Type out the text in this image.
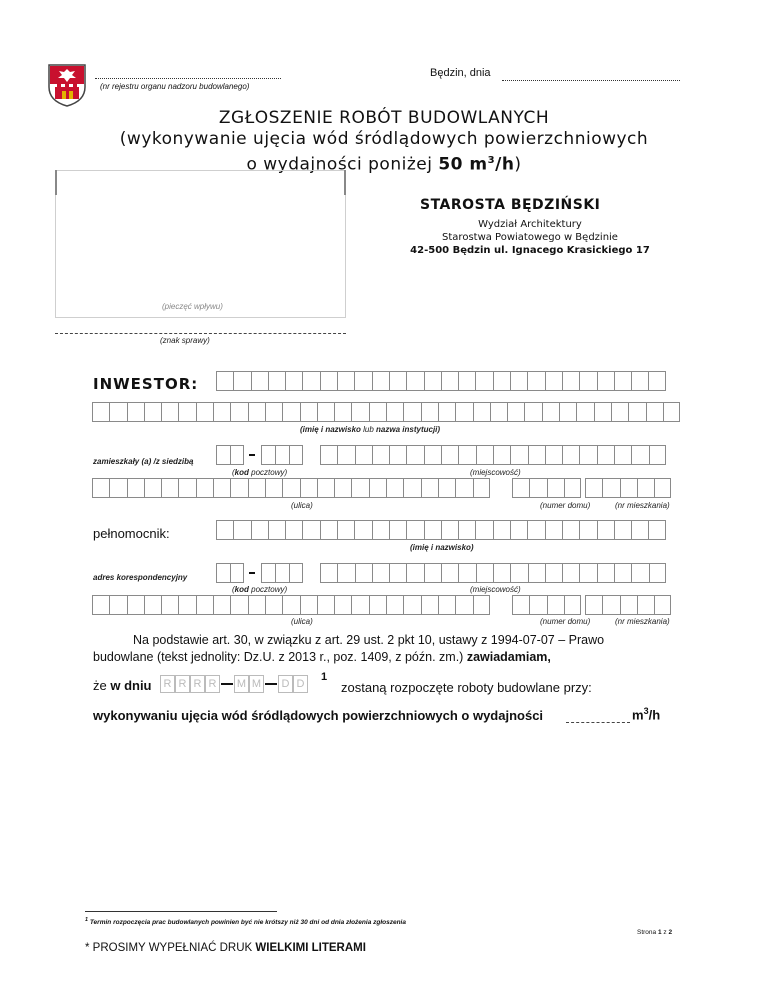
(nr rejestru organu nadzoru budowlanego)
Będzin, dnia
ZGŁOSZENIE ROBÓT BUDOWLANYCH
(wykonywanie ujęcia wód śródlądowych powierzchniowych
o wydajności poniżej 50 $m^3/h$)
(pieczęć wpływu)
(znak sprawy)
STAROSTA BĘDZIŃSKI
Wydział Architektury
Starostwa Powiatowego w Będzinie
42-500 Będzin ul. Ignacego Krasickiego 17
INWESTOR:
(imię i nazwisko lub nazwa instytucji)
zamieszkały (a) /z siedzibą
(kod pocztowy)	(miejscowość)
(ulica)	(numer domu)	(nr mieszkania)
pełnomocnik:
(imię i nazwisko)
adres korespondencyjny
(kod pocztowy)	(miejscowość)
(ulica)	(numer domu)	(nr mieszkania)
Na podstawie art. 30, w związku z art. 29 ust. 2 pkt 10, ustawy z 1994-07-07 – Prawo
budowlane (tekst jednolity: Dz.U. z 2013 r., poz. 1409, z późn. zm.) zawiadamiam,
że w dniu	R R R R	M M	D D
1
zostaną rozpoczęte roboty budowlane przy:
wykonywaniu ujęcia wód śródlądowych powierzchniowych o wydajności	$m^3/h$
$^1$ Termin rozpoczęcia prac budowlanych powinien być nie krótszy niż 30 dni od dnia złożenia zgłoszenia
* PROSIMY WYPEŁNIAĆ DRUK WIELKIMI LITERAMI
Strona 1 z 2
